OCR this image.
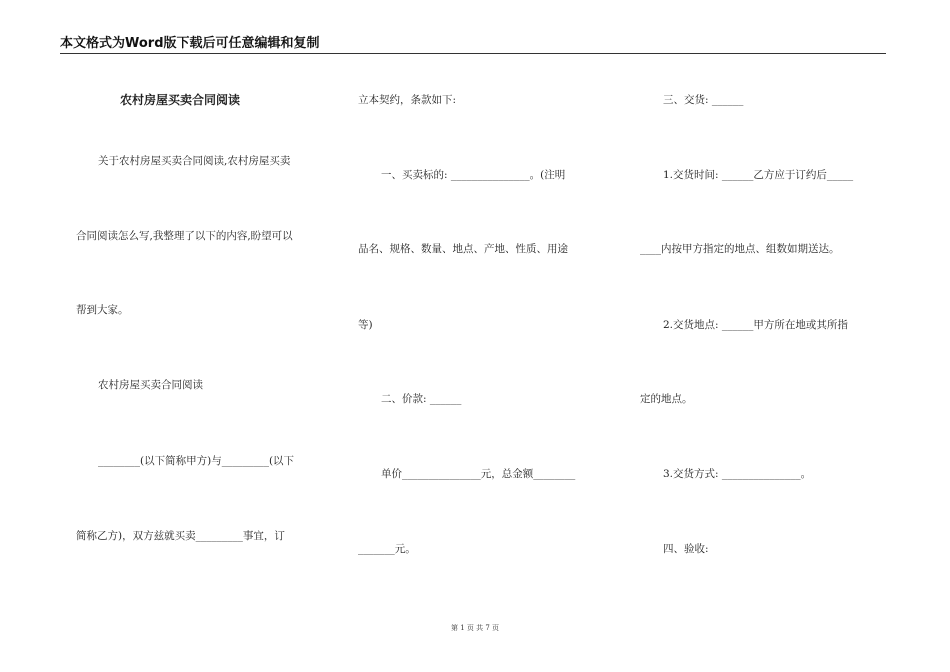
本文格式为Word版下载后可任意编辑和复制
农村房屋买卖合同阅读
关于农村房屋买卖合同阅读,农村房屋买卖
合同阅读怎么写,我整理了以下的内容,盼望可以
帮到大家。
农村房屋买卖合同阅读
________(以下简称甲方)与_________(以下
简称乙方)，双方兹就买卖_________事宜，订
立本契约，条款如下:
一、买卖标的: _______________。(注明
品名、规格、数量、地点、产地、性质、用途
等)
二、价款: ______
单价_______________元，总金额________
_______元。
三、交货: ______
1.交货时间: ______乙方应于订约后_____
____内按甲方指定的地点、组数如期送达。
2.交货地点: ______甲方所在地或其所指
定的地点。
3.交货方式: _______________。
四、验收:
第 1 页 共 7 页
